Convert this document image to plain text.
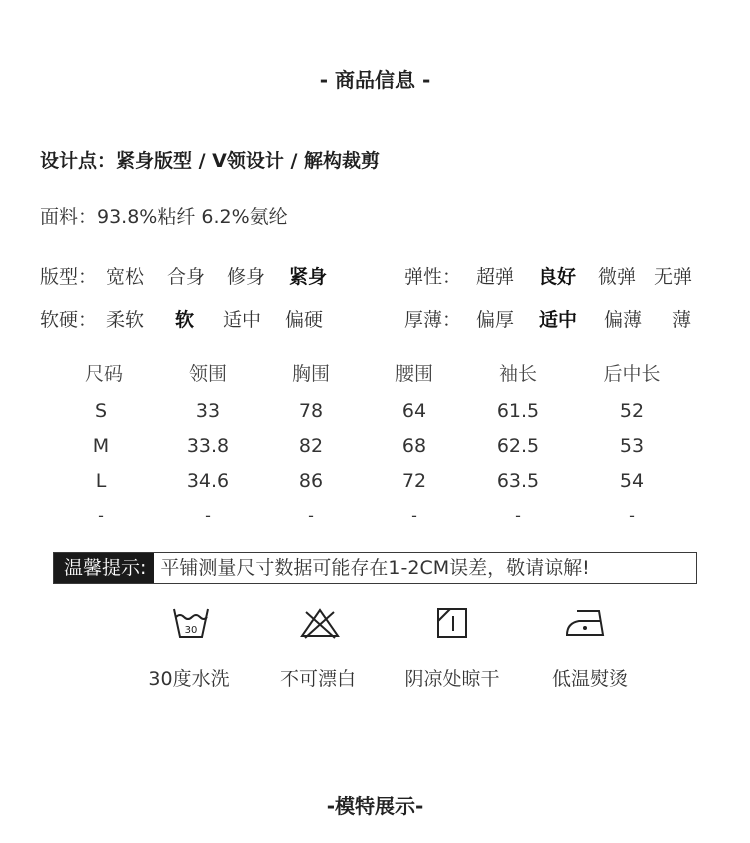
- 商品信息 -
设计点：紧身版型 / V领设计 / 解构裁剪
面料：93.8%粘纤 6.2%氨纶
版型： 宽松 合身 修身 紧身	弹性： 超弹 良好 微弹 无弹
软硬： 柔软 软 适中 偏硬	厚薄： 偏厚 适中 偏薄 薄
尺码	领围	胸围	腰围	袖长	后中长
S	33	78	64	61.5	52
M	33.8	82	68	62.5	53
L	34.6	86	72	63.5	54
-	-	-	-	-	-
温馨提示: 平铺测量尺寸数据可能存在1-2CM误差，敬请谅解!
30
30度水洗	不可漂白	阴凉处晾干	低温熨烫
-模特展示-
